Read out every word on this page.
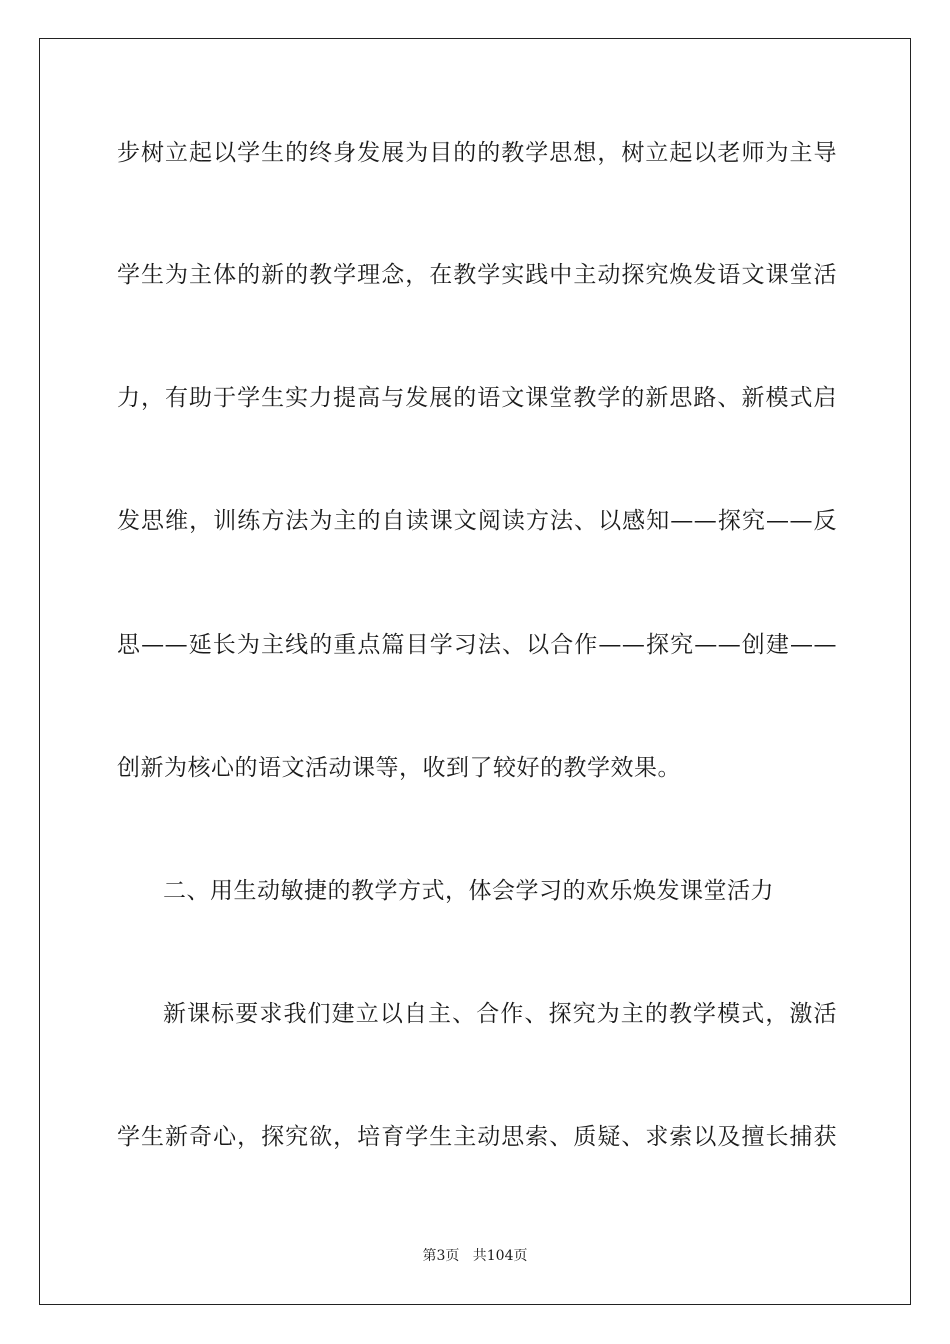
步树立起以学生的终身发展为目的的教学思想，树立起以老师为主导
学生为主体的新的教学理念，在教学实践中主动探究焕发语文课堂活
力，有助于学生实力提高与发展的语文课堂教学的新思路、新模式启
发思维，训练方法为主的自读课文阅读方法、以感知——探究——反
思——延长为主线的重点篇目学习法、以合作——探究——创建——
创新为核心的语文活动课等，收到了较好的教学效果。
二、用生动敏捷的教学方式，体会学习的欢乐焕发课堂活力
新课标要求我们建立以自主、合作、探究为主的教学模式，激活
学生新奇心，探究欲，培育学生主动思索、质疑、求索以及擅长捕获
第3页 共104页
